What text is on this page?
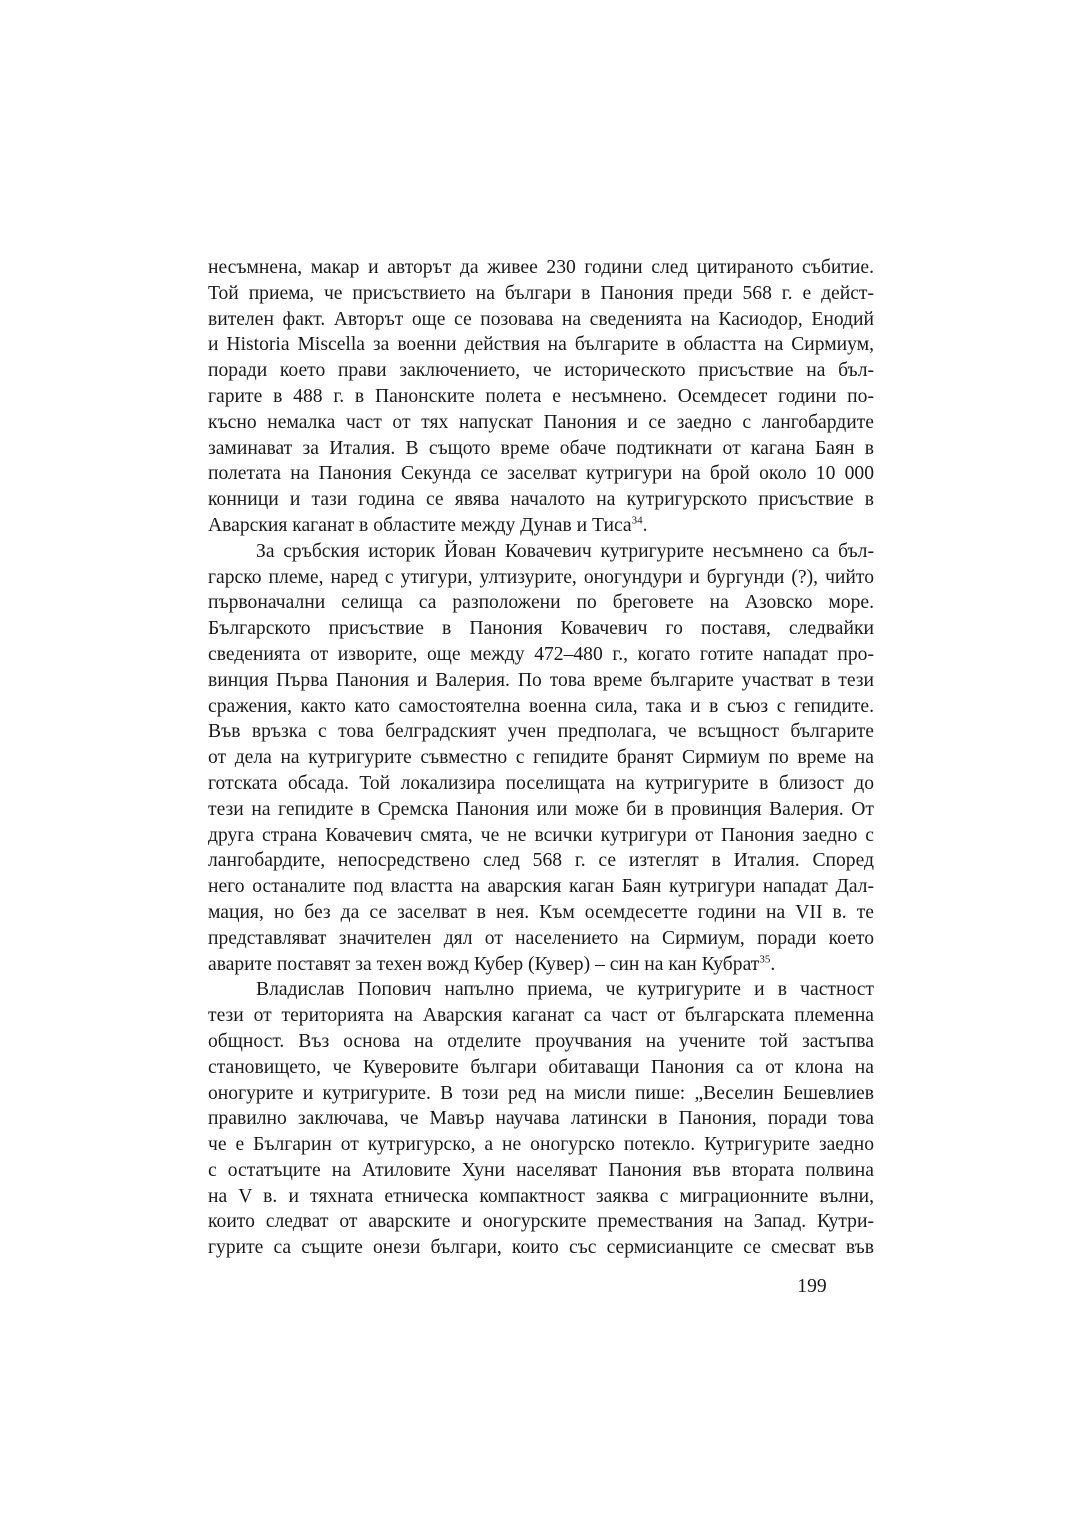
несъмнена, макар и авторът да живее 230 години след цитираното събитие.
Той приема, че присъствието на българи в Панония преди 568 г. е дейст-
вителен факт. Авторът още се позовава на сведенията на Касиодор, Енодий
и Historia Miscella за военни действия на българите в областта на Сирмиум,
поради което прави заключението, че историческото присъствие на бъл-
гарите в 488 г. в Панонските полета е несъмнено. Осемдесет години по-
късно немалка част от тях напускат Панония и се заедно с лангобардите
заминават за Италия. В същото време обаче подтикнати от кагана Баян в
полетата на Панония Секунда се заселват кутригури на брой около 10 000
конници и тази година се явява началото на кутригурското присъствие в
Аварския каганат в областите между Дунав и Тиса$^{34}$.
За сръбския историк Йован Ковачевич кутригурите несъмнено са бъл-
гарско племе, наред с утигури, ултизурите, оногундури и бургунди (?), чийто
първоначални селища са разположени по бреговете на Азовско море.
Българското присъствие в Панония Ковачевич го поставя, следвайки
сведенията от изворите, още между 472–480 г., когато готите нападат про-
винция Първа Панония и Валерия. По това време българите участват в тези
сражения, както като самостоятелна военна сила, така и в съюз с гепидите.
Във връзка с това белградският учен предполага, че всъщност българите
от дела на кутригурите съвместно с гепидите бранят Сирмиум по време на
готската обсада. Той локализира поселищата на кутригурите в близост до
тези на гепидите в Сремска Панония или може би в провинция Валерия. От
друга страна Ковачевич смята, че не всички кутригури от Панония заедно с
лангобардите, непосредствено след 568 г. се изтеглят в Италия. Според
него останалите под властта на аварския каган Баян кутригури нападат Дал-
мация, но без да се заселват в нея. Към осемдесетте години на VII в. те
представляват значителен дял от населението на Сирмиум, поради което
аварите поставят за техен вожд Кубер (Кувер) – син на кан Кубрат$^{35}$.
Владислав Попович напълно приема, че кутригурите и в частност
тези от територията на Аварския каганат са част от българската племенна
общност. Въз основа на отделите проучвания на учените той застъпва
становището, че Куверовите българи обитаващи Панония са от клона на
оногурите и кутригурите. В този ред на мисли пише: „Веселин Бешевлиев
правилно заключава, че Мавър научава латински в Панония, поради това
че е Българин от кутригурско, а не оногурско потекло. Кутригурите заедно
с остатъците на Атиловите Хуни населяват Панония във втората полвина
на V в. и тяхната етническа компактност заяква с миграционните вълни,
които следват от аварските и оногурските премествания на Запад. Кутри-
гурите са същите онези българи, които със сермисианците се смесват във
199
